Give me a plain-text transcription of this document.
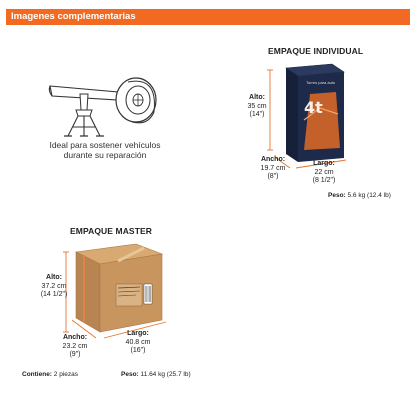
Imagenes complementarias
Ideal para sostener vehículos
durante su reparación
EMPAQUE INDIVIDUAL
Torres para auto
4t
Alto:
35 cm
(14")
Ancho:
19.7 cm
(8")
Largo:
22 cm
(8 1/2")
Peso: 5.6 kg (12.4 lb)
EMPAQUE MASTER
Alto:
37.2 cm
(14 1/2")
Ancho:
23.2 cm
(9")
Largo:
40.8 cm
(16")
Contiene: 2 piezas	Peso: 11.64 kg (25.7 lb)
